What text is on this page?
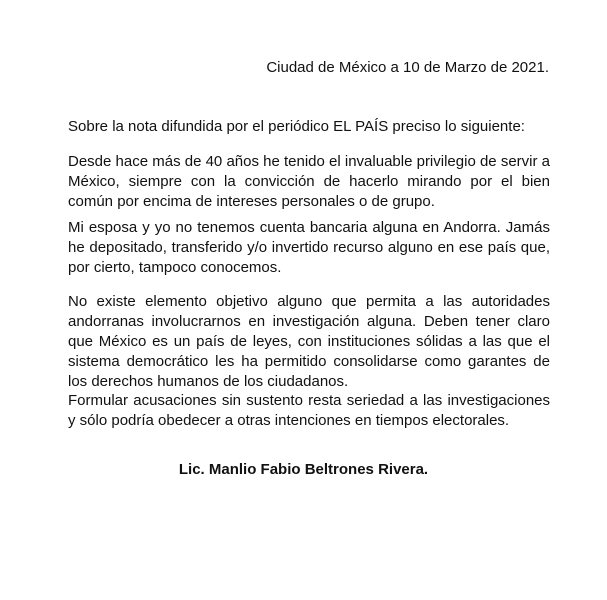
Ciudad de México a 10 de Marzo de 2021.
Sobre la nota difundida por el periódico EL PAÍS preciso lo siguiente:
Desde hace más de 40 años he tenido el invaluable privilegio de servir a México, siempre con la convicción de hacerlo mirando por el bien común por encima de intereses personales o de grupo.
Mi esposa y yo no tenemos cuenta bancaria alguna en Andorra. Jamás he depositado, transferido y/o invertido recurso alguno en ese país que, por cierto, tampoco conocemos.
No existe elemento objetivo alguno que permita a las autoridades andorranas involucrarnos en investigación alguna. Deben tener claro que México es un país de leyes, con instituciones sólidas a las que el sistema democrático les ha permitido consolidarse como garantes de los derechos humanos de los ciudadanos.
Formular acusaciones sin sustento resta seriedad a las investigaciones y sólo podría obedecer a otras intenciones en tiempos electorales.
Lic. Manlio Fabio Beltrones Rivera.
